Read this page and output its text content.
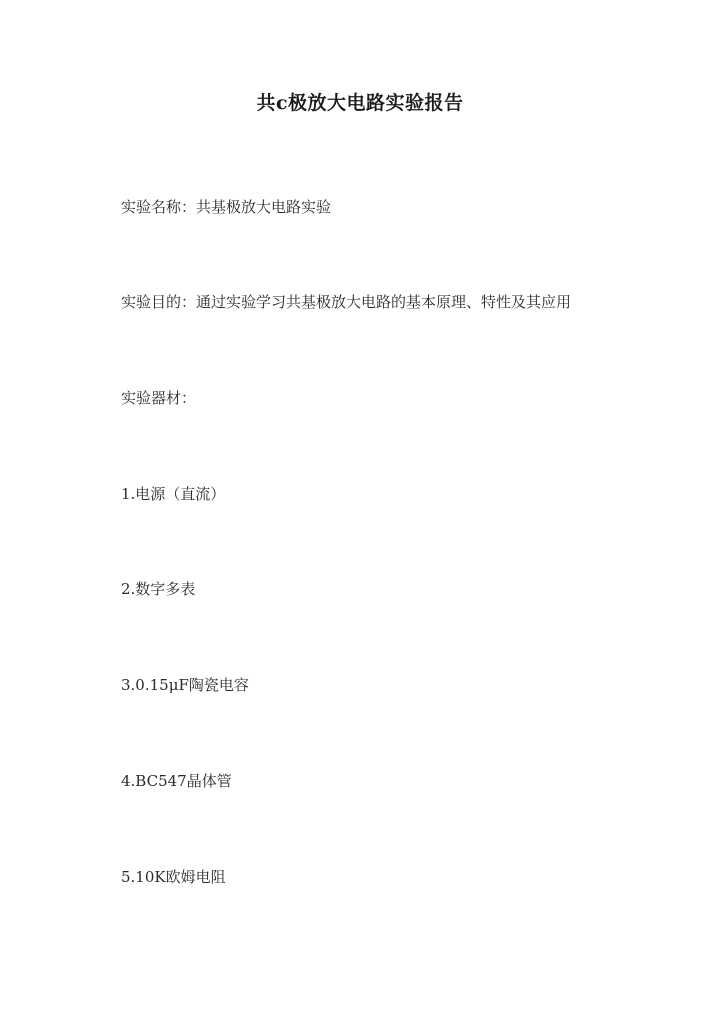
共c极放大电路实验报告
实验名称：共基极放大电路实验
实验目的：通过实验学习共基极放大电路的基本原理、特性及其应用
实验器材：
1.电源（直流）
2.数字多表
3.0.15μF陶瓷电容
4.BC547晶体管
5.10K欧姆电阻
